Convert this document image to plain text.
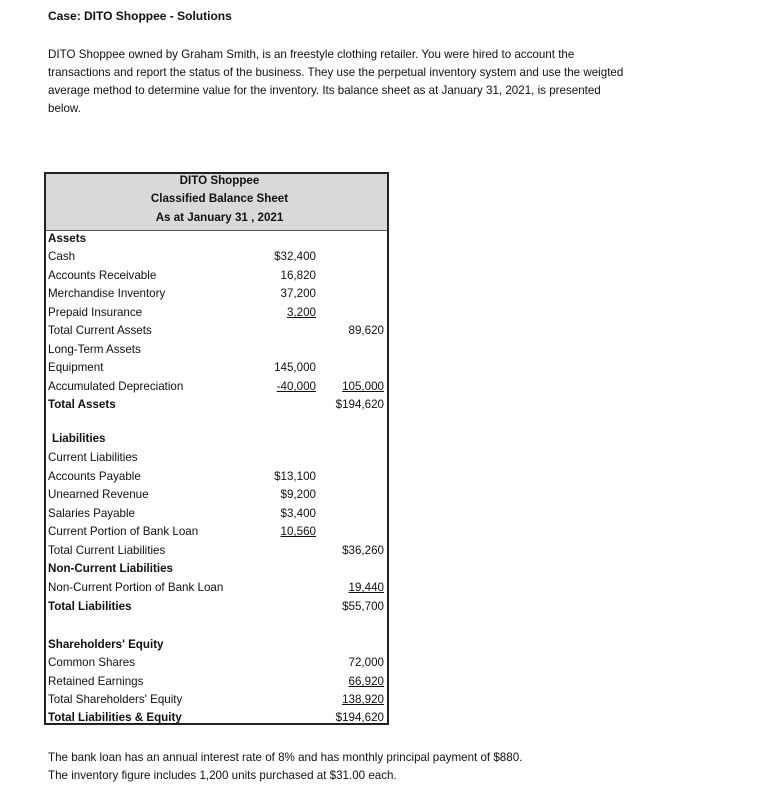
Case: DITO Shoppee - Solutions

DITO Shoppee owned by Graham Smith, is an freestyle clothing retailer. You were hired to account the

transactions and report the status of the business. They use the perpetual inventory system and use the weigted

average method to determine value for the inventory. Its balance sheet as at January 31, 2021, is presented

below.

DITO Shoppee
Classified Balance Sheet
As at January 31 , 2021
Assets
Cash	$32,400
Accounts Receivable	16,820
Merchandise Inventory	37,200
Prepaid Insurance	3,200
Total Current Assets	89,620
Long-Term Assets
Equipment	145,000
Accumulated Depreciation	-40,000 105,000
Total Assets	$194,620
Liabilities
Current Liabilities
Accounts Payable	$13,100
Unearned Revenue	$9,200
Salaries Payable	$3,400
Current Portion of Bank Loan	10,560
Total Current Liabilities	$36,260
Non-Current Liabilities
Non-Current Portion of Bank Loan	19,440
Total Liabilities	$55,700
Shareholders' Equity
Common Shares	72,000
Retained Earnings	66,920
Total Shareholders' Equity	138,920
Total Liabilities & Equity	$194,620
The bank loan has an annual interest rate of 8% and has monthly principal payment of $880.
The inventory figure includes 1,200 units purchased at $31.00 each.
